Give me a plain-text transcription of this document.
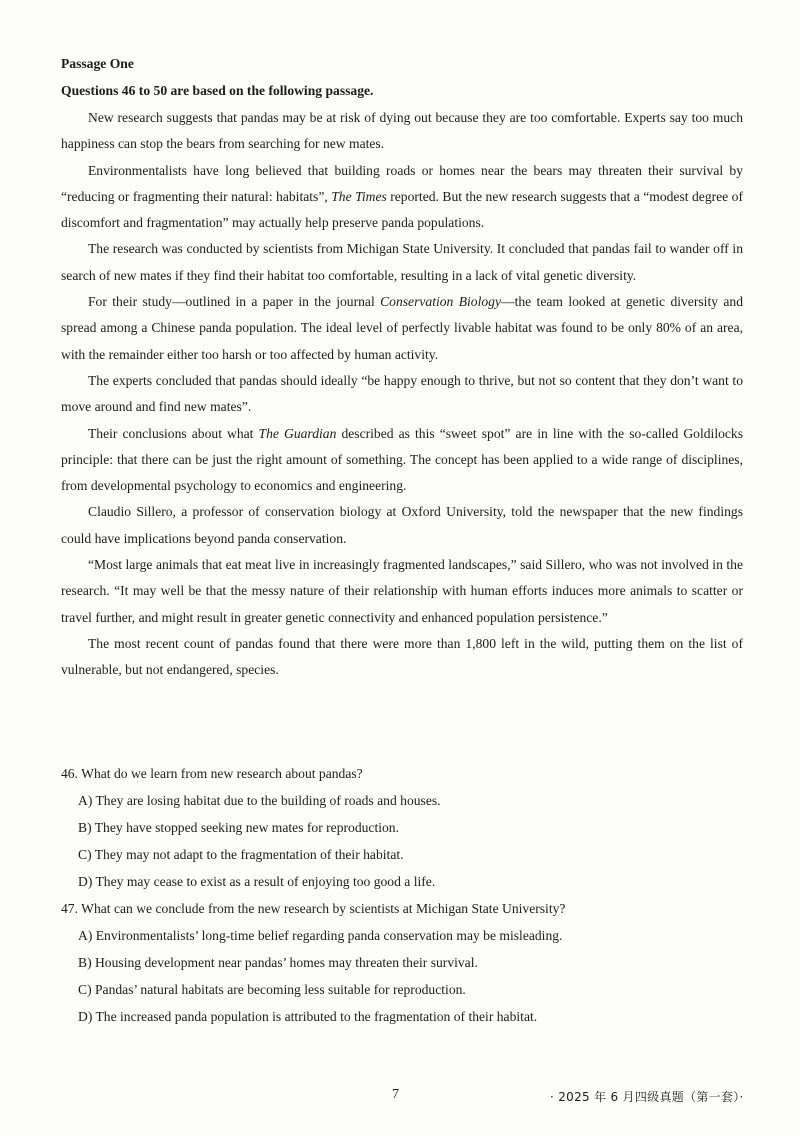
Passage One

Questions 46 to 50 are based on the following passage.

New research suggests that pandas may be at risk of dying out because they are too comfortable. Experts say too much happiness can stop the bears from searching for new mates.

Environmentalists have long believed that building roads or homes near the bears may threaten their survival by “reducing or fragmenting their natural: habitats”, The Times reported. But the new research suggests that a “modest degree of discomfort and fragmentation” may actually help preserve panda populations.

The research was conducted by scientists from Michigan State University. It concluded that pandas fail to wander off in search of new mates if they find their habitat too comfortable, resulting in a lack of vital genetic diversity.

For their study—outlined in a paper in the journal Conservation Biology—the team looked at genetic diversity and spread among a Chinese panda population. The ideal level of perfectly livable habitat was found to be only 80% of an area, with the remainder either too harsh or too affected by human activity.

The experts concluded that pandas should ideally “be happy enough to thrive, but not so content that they don’t want to move around and find new mates”.

Their conclusions about what The Guardian described as this “sweet spot” are in line with the so-called Goldilocks principle: that there can be just the right amount of something. The concept has been applied to a wide range of disciplines, from developmental psychology to economics and engineering.

Claudio Sillero, a professor of conservation biology at Oxford University, told the newspaper that the new findings could have implications beyond panda conservation.

“Most large animals that eat meat live in increasingly fragmented landscapes,” said Sillero, who was not involved in the research. “It may well be that the messy nature of their relationship with human efforts induces more animals to scatter or travel further, and might result in greater genetic connectivity and enhanced population persistence.”

The most recent count of pandas found that there were more than 1,800 left in the wild, putting them on the list of vulnerable, but not endangered, species.

46. What do we learn from new research about pandas?

A) They are losing habitat due to the building of roads and houses.

B) They have stopped seeking new mates for reproduction.

C) They may not adapt to the fragmentation of their habitat.

D) They may cease to exist as a result of enjoying too good a life.

47. What can we conclude from the new research by scientists at Michigan State University?

A) Environmentalists’ long-time belief regarding panda conservation may be misleading.

B) Housing development near pandas’ homes may threaten their survival.

C) Pandas’ natural habitats are becoming less suitable for reproduction.

D) The increased panda population is attributed to the fragmentation of their habitat.

7	· 2025 年 6 月四级真题（第一套）·
